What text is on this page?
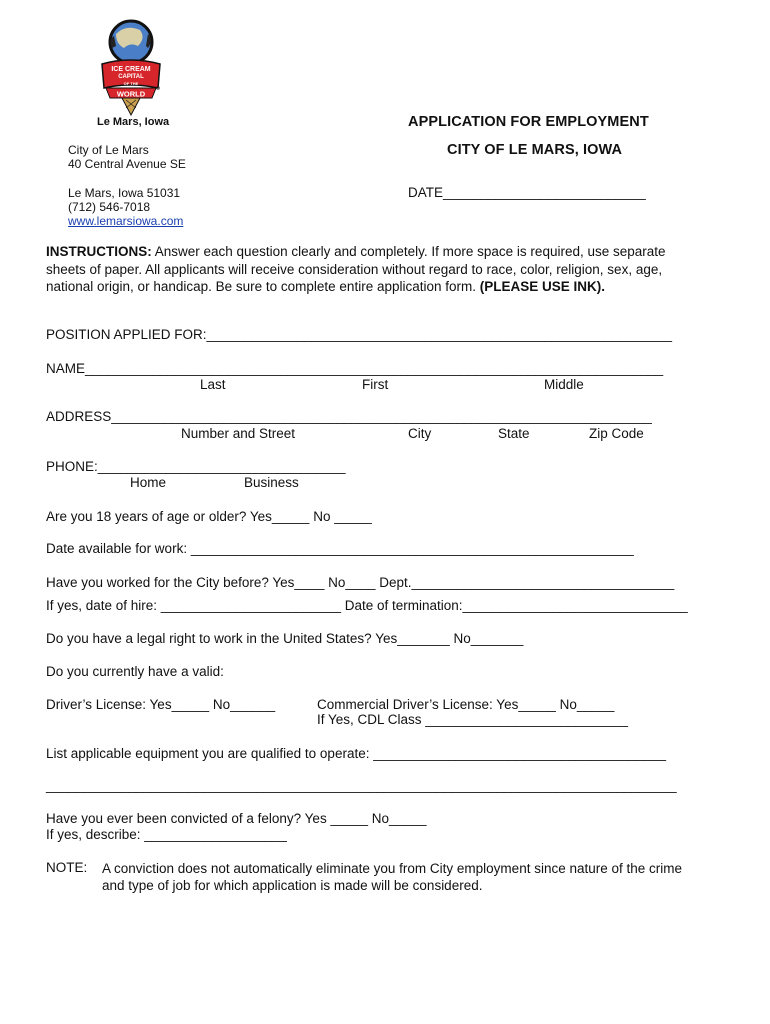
ICE CREAM
CAPITAL
OF THE
WORLD
Le Mars, Iowa	APPLICATION FOR EMPLOYMENT
CITY OF LE MARS, IOWA
DATE___________________________
City of Le Mars
40 Central Avenue SE
Le Mars, Iowa 51031
(712) 546-7018
www.lemarsiowa.com
INSTRUCTIONS: Answer each question clearly and completely. If more space is required, use separate sheets of paper. All applicants will receive consideration without regard to race, color, religion, sex, age, national origin, or handicap. Be sure to complete entire application form. (PLEASE USE INK).
POSITION APPLIED FOR:______________________________________________________________
NAME_____________________________________________________________________________
Last	First	Middle
ADDRESS________________________________________________________________________
Number and Street	City	State	Zip Code
PHONE:_________________________________
Home	Business
Are you 18 years of age or older? Yes_____ No _____
Date available for work: ___________________________________________________________
Have you worked for the City before? Yes____ No____ Dept.___________________________________
If yes, date of hire: ________________________ Date of termination:______________________________
Do you have a legal right to work in the United States? Yes_______ No_______
Do you currently have a valid:
Driver’s License: Yes_____ No______	Commercial Driver’s License: Yes_____ No_____
If Yes, CDL Class ___________________________
List applicable equipment you are qualified to operate: _______________________________________
____________________________________________________________________________________
Have you ever been convicted of a felony? Yes _____ No_____
If yes, describe: ___________________
NOTE: A conviction does not automatically eliminate you from City employment since nature of the crime and type of job for which application is made will be considered.
